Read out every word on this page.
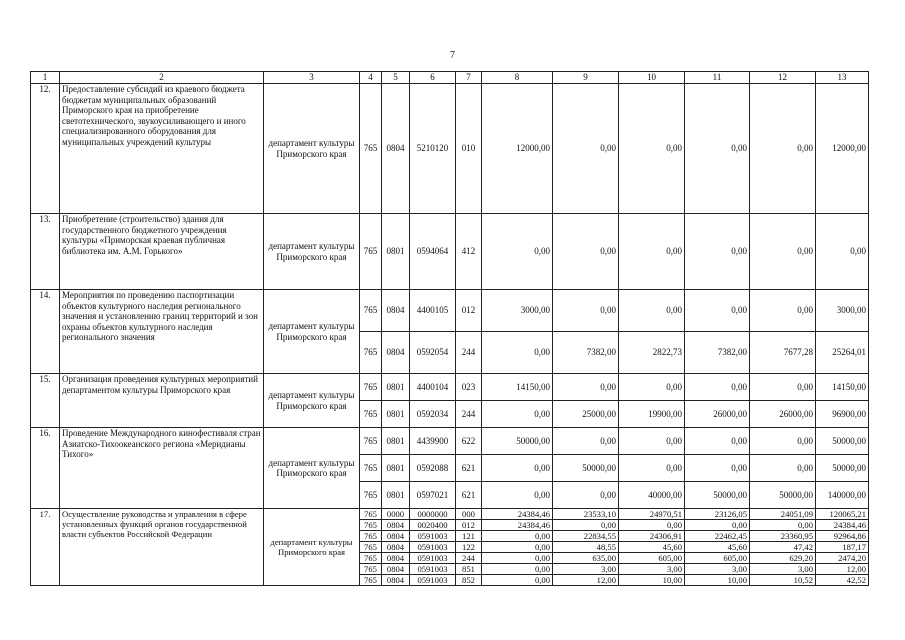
7
1	2	3	4	5	6	7	8	9	10	11	12	13
12.	Предоставление субсидий из краевого бюджета бюджетам муниципальных образований Приморского края на приобретение светотехнического, звукоусиливающего и иного специализированного оборудования для муниципальных учреждений культуры	департамент культуры Приморского края	765	0804	5210120	010	12000,00	0,00	0,00	0,00	0,00	12000,00
13.	Приобретение (строительство) здания для государственного бюджетного учреждения культуры «Приморская краевая публичная библиотека им. А.М. Горького»	департамент культуры Приморского края	765	0801	0594064	412	0,00	0,00	0,00	0,00	0,00	0,00
14.	Мероприятия по проведению паспортизации объектов культурного наследия регионального значения и установлению границ территорий и зон охраны объектов культурного наследия регионального значения	департамент культуры Приморского края	765	0804	4400105	012	3000,00	0,00	0,00	0,00	0,00	3000,00
			765	0804	0592054	244	0,00	7382,00	2822,73	7382,00	7677,28	25264,01
15.	Организация проведения культурных мероприятий департаментом культуры Приморского края	департамент культуры Приморского края	765	0801	4400104	023	14150,00	0,00	0,00	0,00	0,00	14150,00
			765	0801	0592034	244	0,00	25000,00	19900,00	26000,00	26000,00	96900,00
16.	Проведение Международного кинофестиваля стран Азиатско-Тихоокеанского региона «Меридианы Тихого»	департамент культуры Приморского края	765	0801	4439900	622	50000,00	0,00	0,00	0,00	0,00	50000,00
			765	0801	0592088	621	0,00	50000,00	0,00	0,00	0,00	50000,00
			765	0801	0597021	621	0,00	0,00	40000,00	50000,00	50000,00	140000,00
17.	Осуществление руководства и управления в сфере установленных функций органов государственной власти субъектов Российской Федерации	департамент культуры Приморского края	765	0000	0000000	000	24384,46	23533,10	24970,51	23126,05	24051,09	120065,21
			765	0804	0020400	012	24384,46	0,00	0,00	0,00	0,00	24384,46
			765	0804	0591003	121	0,00	22834,55	24306,91	22462,45	23360,95	92964,86
			765	0804	0591003	122	0,00	48,55	45,60	45,60	47,42	187,17
			765	0804	0591003	244	0,00	635,00	605,00	605,00	629,20	2474,20
			765	0804	0591003	851	0,00	3,00	3,00	3,00	3,00	12,00
			765	0804	0591003	852	0,00	12,00	10,00	10,00	10,52	42,52
